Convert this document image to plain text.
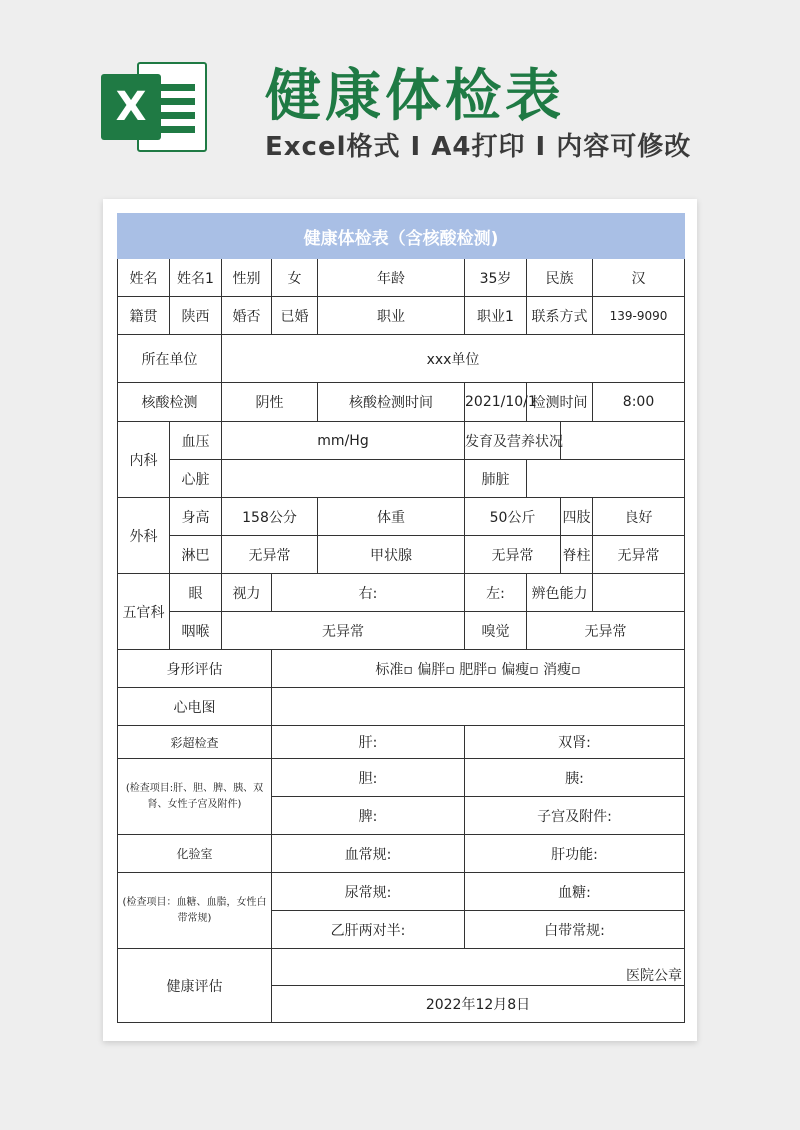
X 健康体检表
Excel格式 I A4打印 I 内容可修改
健康体检表（含核酸检测)								
姓名	姓名1	性别	女	年龄	35岁	民族		汉
籍贯	陕西	婚否	已婚	职业	职业1	联系方式		139-9090
所在单位		xxx单位						
核酸检测		阴性		核酸检测时间	2021/10/1	检测时间		8:00
内科	血压	mm/Hg			发育及营养状况			
	心脏				肺脏			
外科	身高	158公分		体重	50公斤		四肢	良好
	淋巴	无异常		甲状腺	无异常		脊柱	无异常
五官科	眼	视力	右:		左:	辨色能力		
	咽喉	无异常			嗅觉	无异常		
身形评估			标准▫ 偏胖▫ 肥胖▫ 偏瘦▫ 消瘦▫					
心电图								
彩超检查			肝:		双肾:			
(检查项目:肝、胆、脾、胰、双肾、女性子宫及附件)			胆:		胰:			
			脾:		子宫及附件:			
化验室			血常规:		肝功能:			
(检查项目：血糖、血脂，女性白带常规)			尿常规:		血糖:			
			乙肝两对半:		白带常规:			
健康评估			医院公章					
			2022年12月8日					
